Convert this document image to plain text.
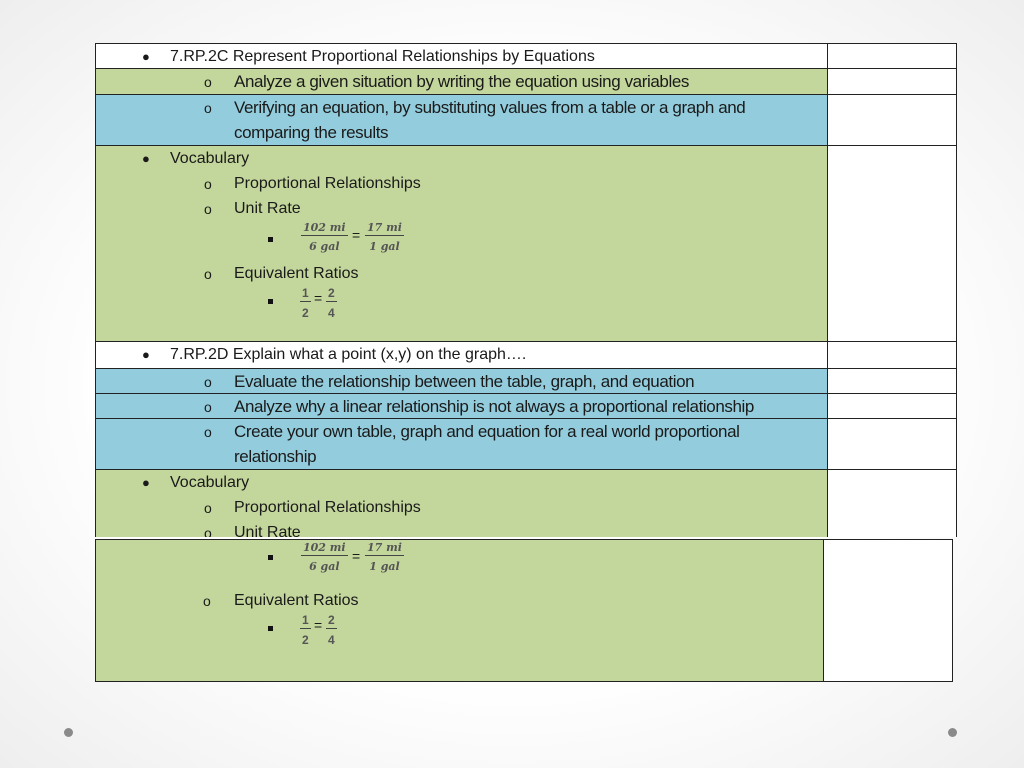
● 7.RP.2C Represent Proportional Relationships by Equations
o Analyze a given situation by writing the equation using variables
o Verifying an equation, by substituting values from a table or a graph and
comparing the results
● Vocabulary
o Proportional Relationships
o Unit Rate
102 mi
6 gal
= 17 mi
1 gal
o Equivalent Ratios
$\frac{1}{2} = \frac{2}{4}$
● 7.RP.2D Explain what a point (x,y) on the graph….
o Evaluate the relationship between the table, graph, and equation
o Analyze why a linear relationship is not always a proportional relationship
o Create your own table, graph and equation for a real world proportional
relationship
● Vocabulary
o Proportional Relationships
o Unit Rate
102 mi
6 gal
=
17 mi
1 gal
o Equivalent Ratios
$\frac{1}{2} = \frac{2}{4}$
